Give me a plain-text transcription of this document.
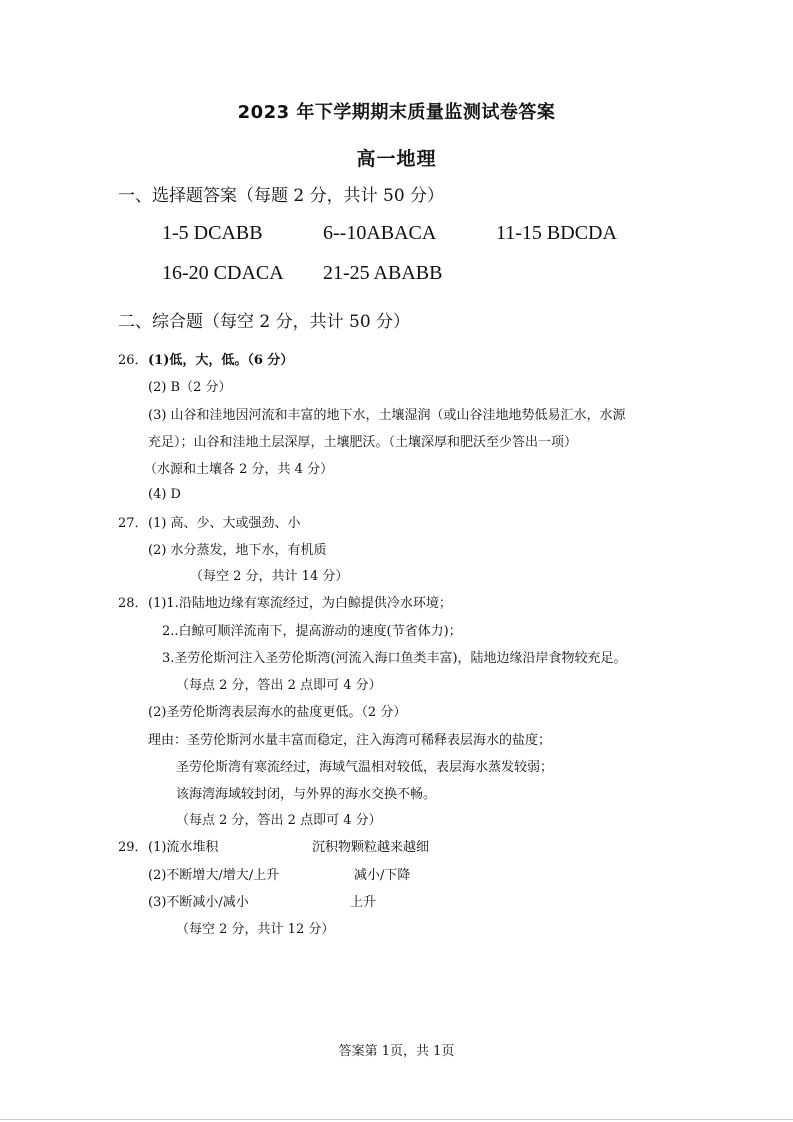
2023 年下学期期末质量监测试卷答案
高一地理
一、选择题答案（每题 2 分，共计 50 分）
1-5 DCABB	6--10ABACA	11-15 BDCDA
16-20 CDACA 21-25 ABABB
二、综合题（每空 2 分，共计 50 分）
26． (1)低，大，低。（6 分）
(2) B（2 分）
(3) 山谷和洼地因河流和丰富的地下水，土壤湿润（或山谷洼地地势低易汇水，水源
充足）；山谷和洼地土层深厚，土壤肥沃。（土壤深厚和肥沃至少答出一项）
（水源和土壤各 2 分，共 4 分）
(4) D
27． (1) 高、少、大或强劲、小
(2) 水分蒸发，地下水，有机质
（每空 2 分，共计 14 分）
28． (1)1.沿陆地边缘有寒流经过，为白鲸提供冷水环境；
2..白鲸可顺洋流南下，提高游动的速度(节省体力)；
3.圣劳伦斯河注入圣劳伦斯湾(河流入海口鱼类丰富)，陆地边缘沿岸食物较充足。
（每点 2 分，答出 2 点即可 4 分）
(2)圣劳伦斯湾表层海水的盐度更低。（2 分）
理由：圣劳伦斯河水量丰富而稳定，注入海湾可稀释表层海水的盐度；
圣劳伦斯湾有寒流经过，海域气温相对较低，表层海水蒸发较弱；
该海湾海域较封闭，与外界的海水交换不畅。
（每点 2 分，答出 2 点即可 4 分）
29． (1)流水堆积	沉积物颗粒越来越细
(2)不断增大/增大/上升	减小/下降
(3)不断减小/减小	上升
（每空 2 分，共计 12 分）
答案第 1页，共 1页
